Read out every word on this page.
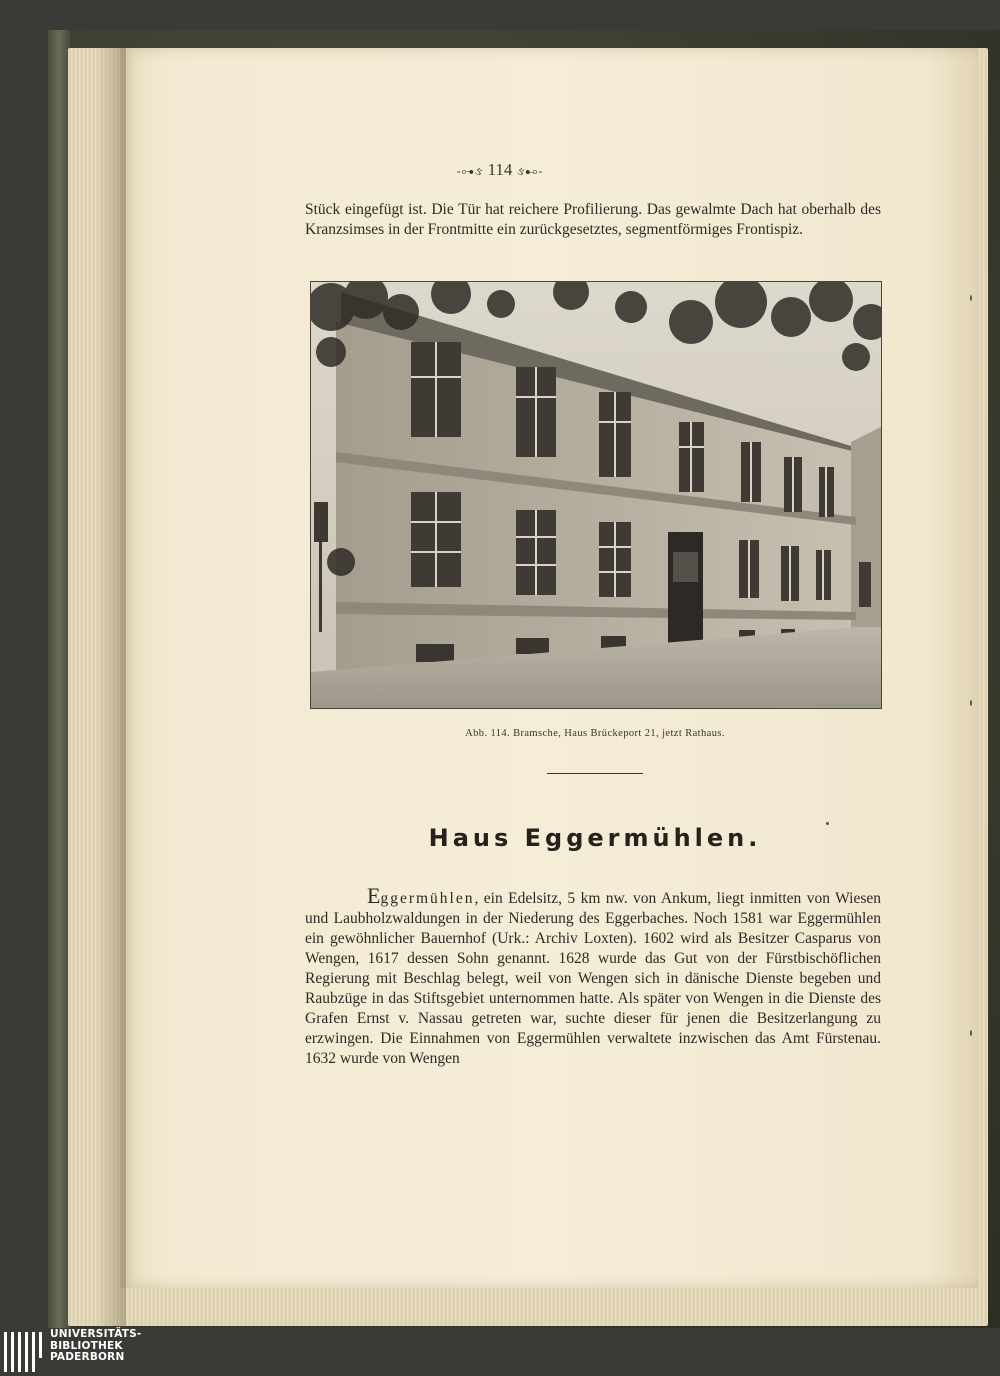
-⊶ઙ 114 ઙ⊷-
Stück eingefügt ist. Die Tür hat reichere Profilierung. Das gewalmte Dach hat oberhalb des Kranzsimses in der Frontmitte ein zurückgesetztes, segmentförmiges Frontispiz.
Abb. 114. Bramsche, Haus Brückeport 21, jetzt Rathaus.
Haus Eggermühlen.
Eggermühlen, ein Edelsitz, 5 km nw. von Ankum, liegt inmitten von Wiesen und Laubholzwaldungen in der Niederung des Eggerbaches. Noch 1581 war Eggermühlen ein gewöhnlicher Bauernhof (Urk.: Archiv Loxten). 1602 wird als Besitzer Casparus von Wengen, 1617 dessen Sohn genannt. 1628 wurde das Gut von der Fürstbischöflichen Regierung mit Beschlag belegt, weil von Wengen sich in dänische Dienste begeben und Raubzüge in das Stiftsgebiet unternommen hatte. Als später von Wengen in die Dienste des Grafen Ernst v. Nassau getreten war, suchte dieser für jenen die Besitzerlangung zu erzwingen. Die Einnahmen von Eggermühlen verwaltete inzwischen das Amt Fürstenau. 1632 wurde von Wengen
UNIVERSITÄTS-
BIBLIOTHEK
PADERBORN
